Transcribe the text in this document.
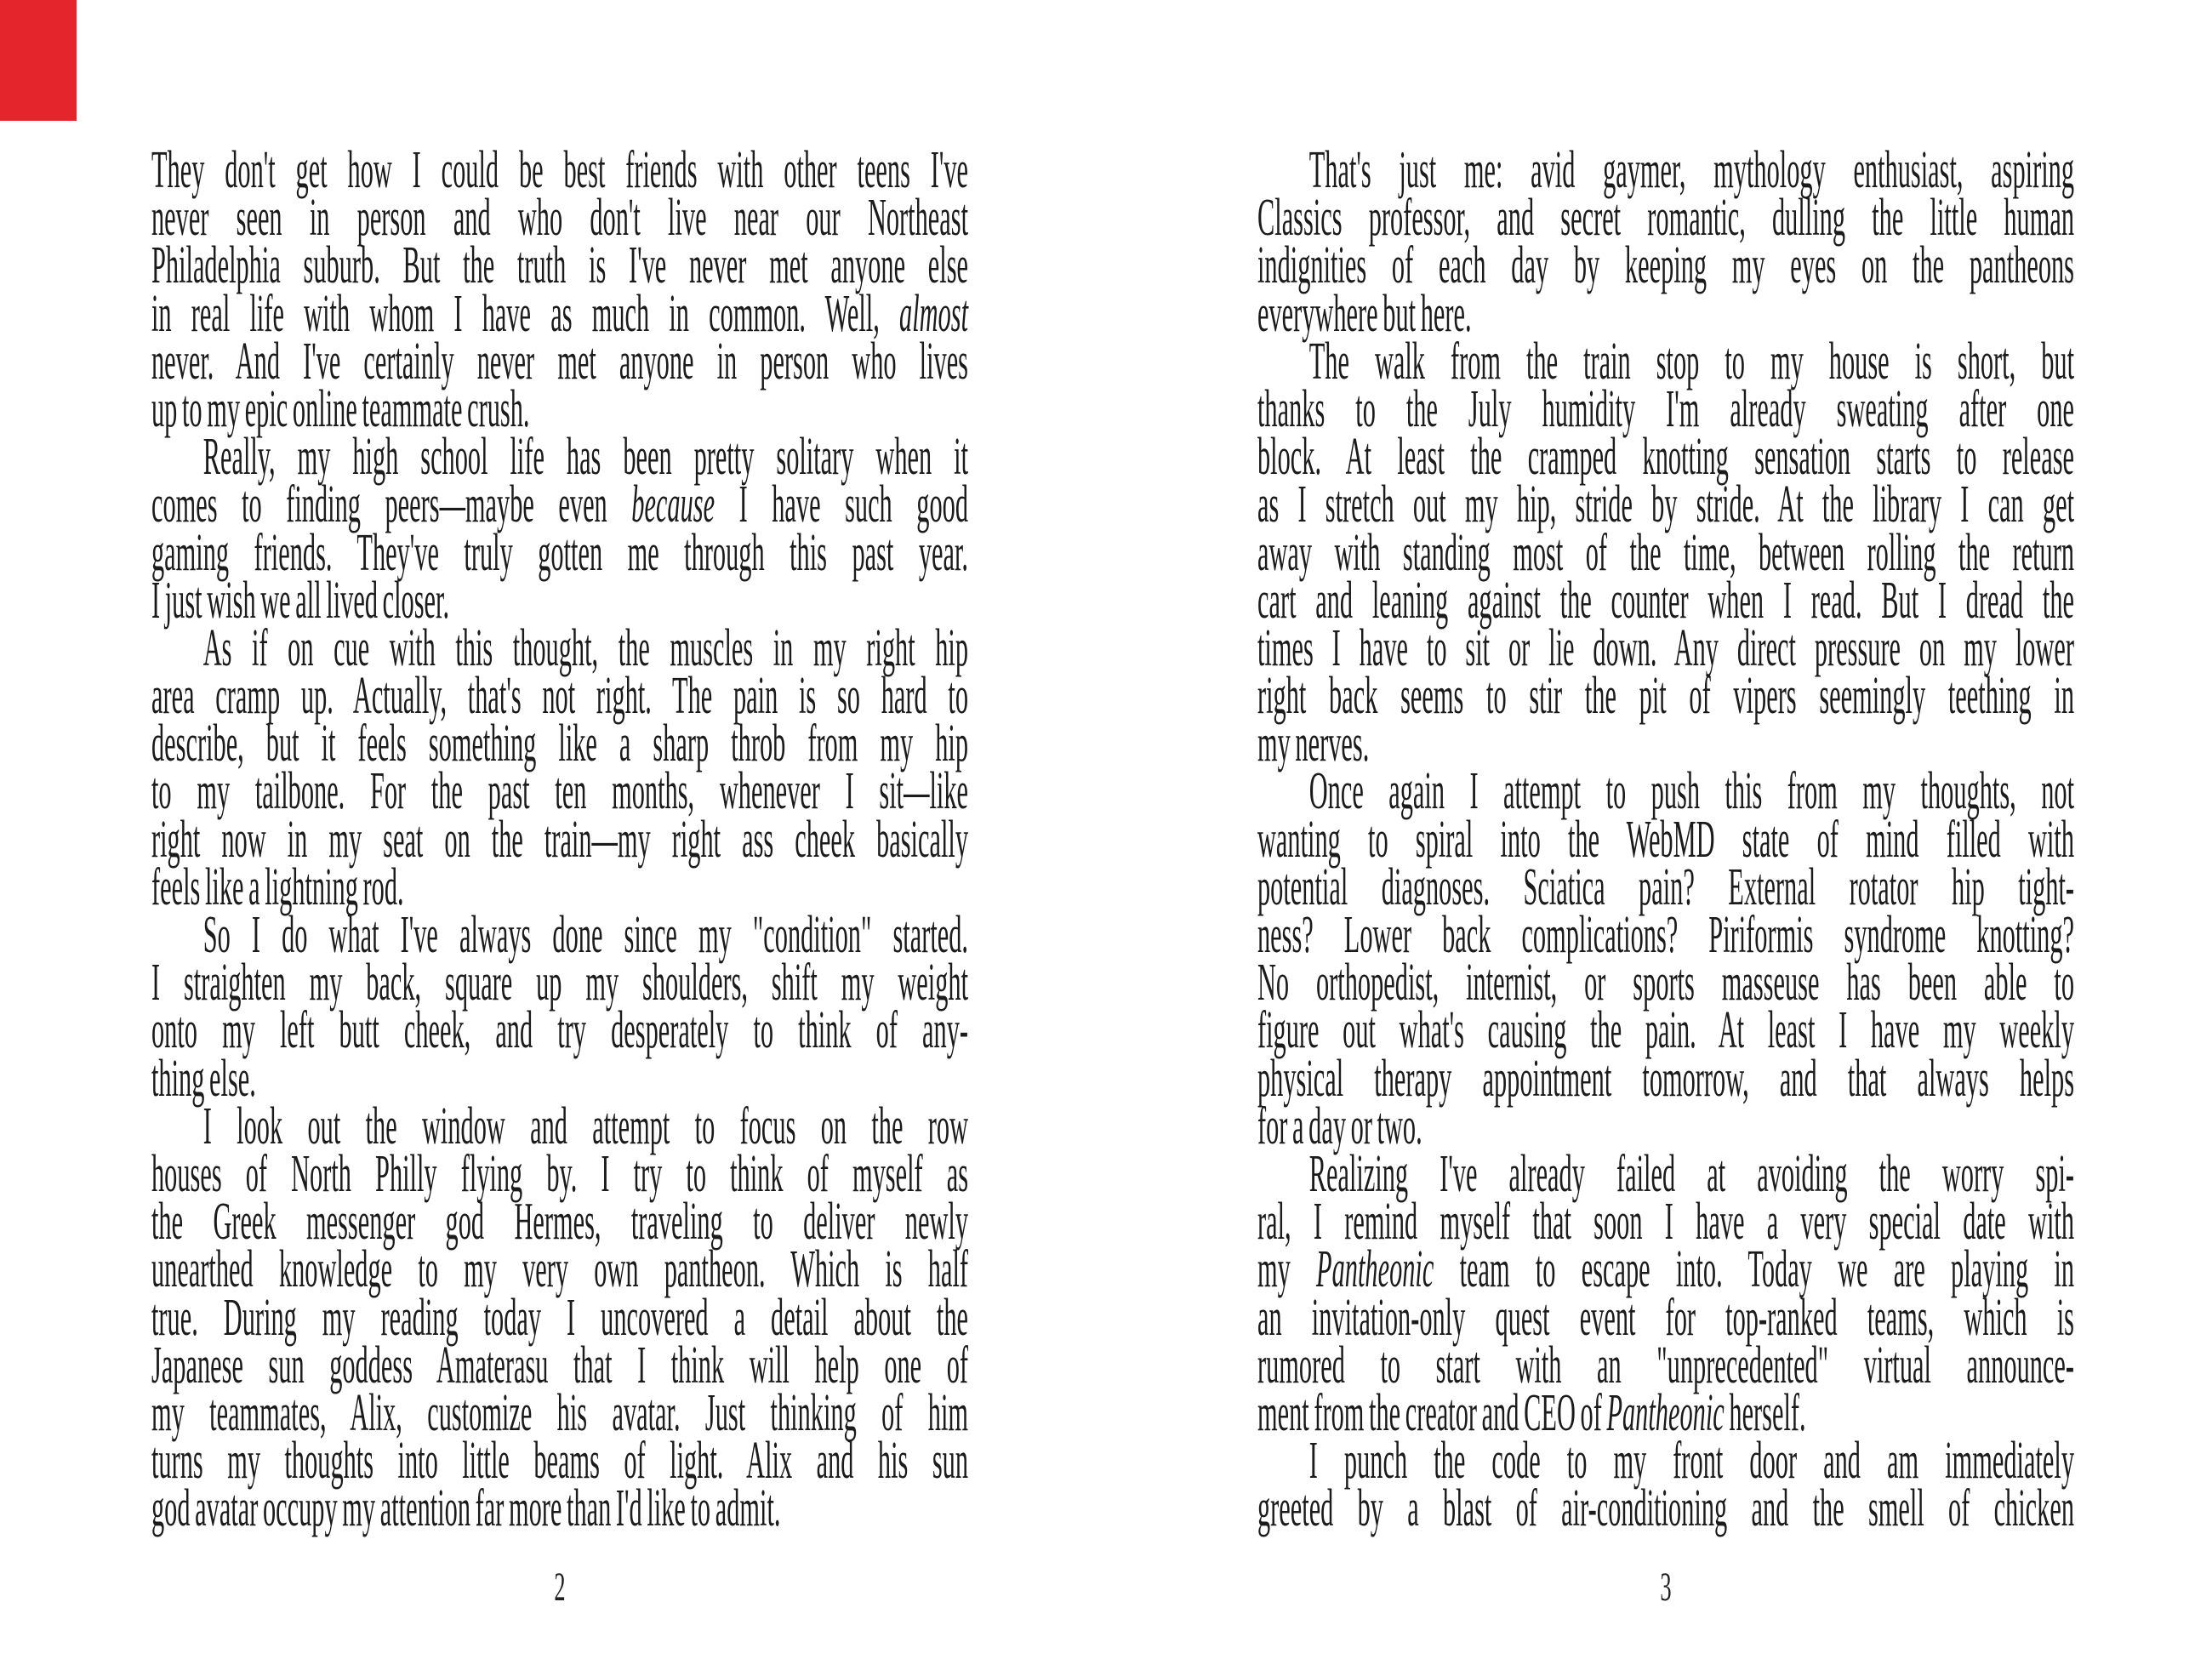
They don't get how I could be best friends with other teens I've
never seen in person and who don't live near our Northeast
Philadelphia suburb. But the truth is I've never met anyone else
in real life with whom I have as much in common. Well, almost
never. And I've certainly never met anyone in person who lives
up to my epic online teammate crush.
Really, my high school life has been pretty solitary when it
comes to finding peers—maybe even because I have such good
gaming friends. They've truly gotten me through this past year.
I just wish we all lived closer.
As if on cue with this thought, the muscles in my right hip
area cramp up. Actually, that's not right. The pain is so hard to
describe, but it feels something like a sharp throb from my hip
to my tailbone. For the past ten months, whenever I sit—like
right now in my seat on the train—my right ass cheek basically
feels like a lightning rod.
So I do what I've always done since my "condition" started.
I straighten my back, square up my shoulders, shift my weight
onto my left butt cheek, and try desperately to think of any-
thing else.
I look out the window and attempt to focus on the row
houses of North Philly flying by. I try to think of myself as
the Greek messenger god Hermes, traveling to deliver newly
unearthed knowledge to my very own pantheon. Which is half
true. During my reading today I uncovered a detail about the
Japanese sun goddess Amaterasu that I think will help one of
my teammates, Alix, customize his avatar. Just thinking of him
turns my thoughts into little beams of light. Alix and his sun
god avatar occupy my attention far more than I'd like to admit.
That's just me: avid gaymer, mythology enthusiast, aspiring
Classics professor, and secret romantic, dulling the little human
indignities of each day by keeping my eyes on the pantheons
everywhere but here.
The walk from the train stop to my house is short, but
thanks to the July humidity I'm already sweating after one
block. At least the cramped knotting sensation starts to release
as I stretch out my hip, stride by stride. At the library I can get
away with standing most of the time, between rolling the return
cart and leaning against the counter when I read. But I dread the
times I have to sit or lie down. Any direct pressure on my lower
right back seems to stir the pit of vipers seemingly teething in
my nerves.
Once again I attempt to push this from my thoughts, not
wanting to spiral into the WebMD state of mind filled with
potential diagnoses. Sciatica pain? External rotator hip tight-
ness? Lower back complications? Piriformis syndrome knotting?
No orthopedist, internist, or sports masseuse has been able to
figure out what's causing the pain. At least I have my weekly
physical therapy appointment tomorrow, and that always helps
for a day or two.
Realizing I've already failed at avoiding the worry spi-
ral, I remind myself that soon I have a very special date with
my Pantheonic team to escape into. Today we are playing in
an invitation-only quest event for top-ranked teams, which is
rumored to start with an "unprecedented" virtual announce-
ment from the creator and CEO of Pantheonic herself.
I punch the code to my front door and am immediately
greeted by a blast of air-conditioning and the smell of chicken
2	3
